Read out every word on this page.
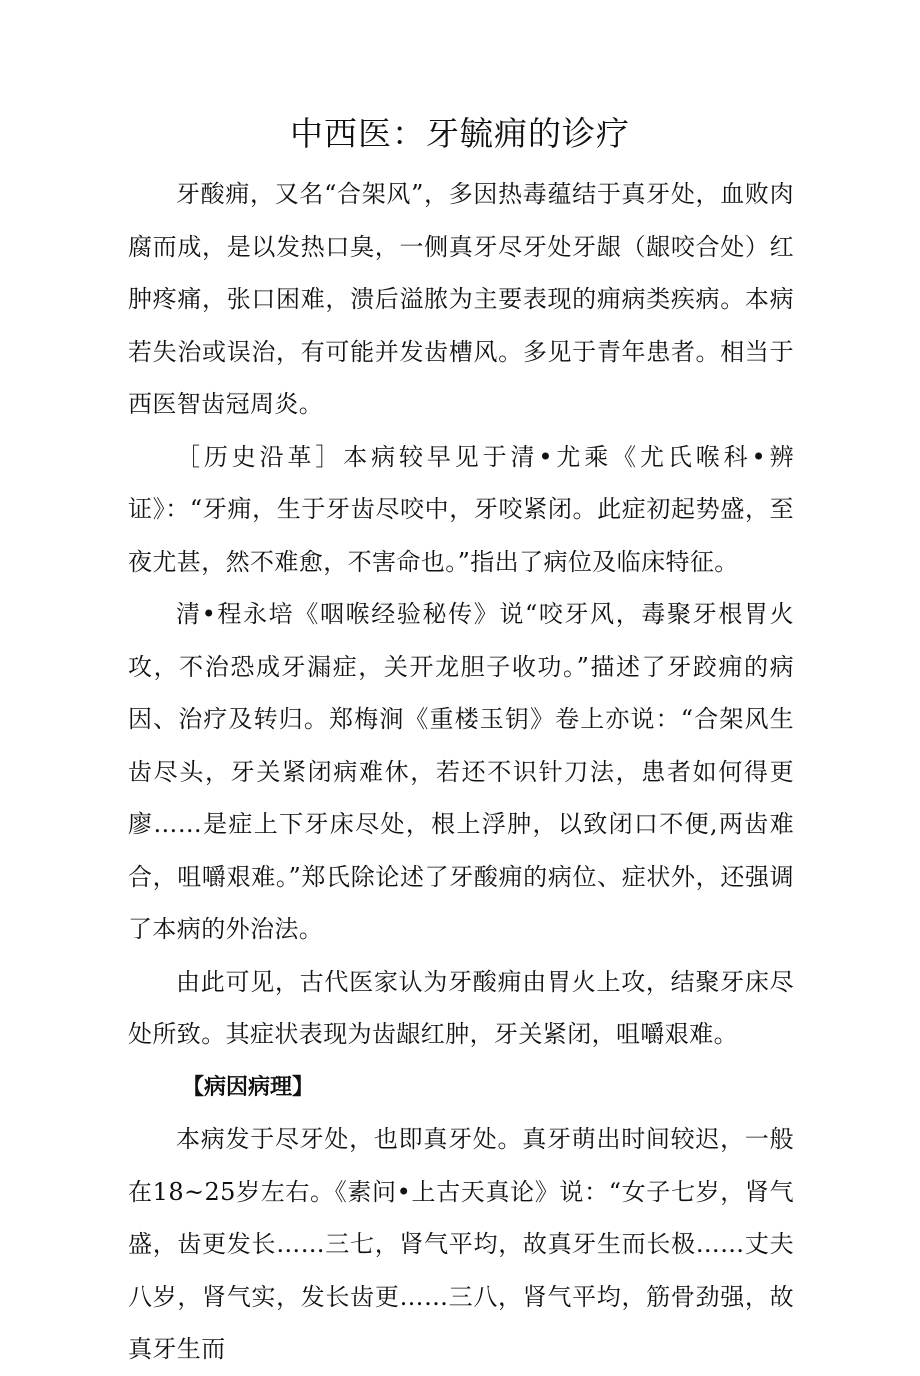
中西医：牙毓痈的诊疗

牙酸痈，又名“合架风”，多因热毒蕴结于真牙处，血败肉腐而成，是以发热口臭，一侧真牙尽牙处牙龈（龈咬合处）红肿疼痛，张口困难，溃后溢脓为主要表现的痈病类疾病。本病若失治或误治，有可能并发齿槽风。多见于青年患者。相当于西医智齿冠周炎。

［历史沿革］本病较早见于清•尤乘《尤氏喉科•辨证》：“牙痈，生于牙齿尽咬中，牙咬紧闭。此症初起势盛，至夜尤甚，然不难愈，不害命也。”指出了病位及临床特征。

清•程永培《咽喉经验秘传》说“咬牙风，毒聚牙根胃火攻，不治恐成牙漏症，关开龙胆子收功。”描述了牙跤痈的病因、治疗及转归。郑梅涧《重楼玉钥》卷上亦说：“合架风生齿尽头，牙关紧闭病难休，若还不识针刀法，患者如何得更廖……是症上下牙床尽处，根上浮肿，以致闭口不便,两齿难合，咀嚼艰难。”郑氏除论述了牙酸痈的病位、症状外，还强调了本病的外治法。

由此可见，古代医家认为牙酸痈由胃火上攻，结聚牙床尽处所致。其症状表现为齿龈红肿，牙关紧闭，咀嚼艰难。

【病因病理】

本病发于尽牙处，也即真牙处。真牙萌出时间较迟，一般在18~25岁左右。《素问•上古天真论》说：“女子七岁，肾气盛，齿更发长……三七，肾气平均，故真牙生而长极……丈夫八岁，肾气实，发长齿更……三八，肾气平均，筋骨劲强，故真牙生而
